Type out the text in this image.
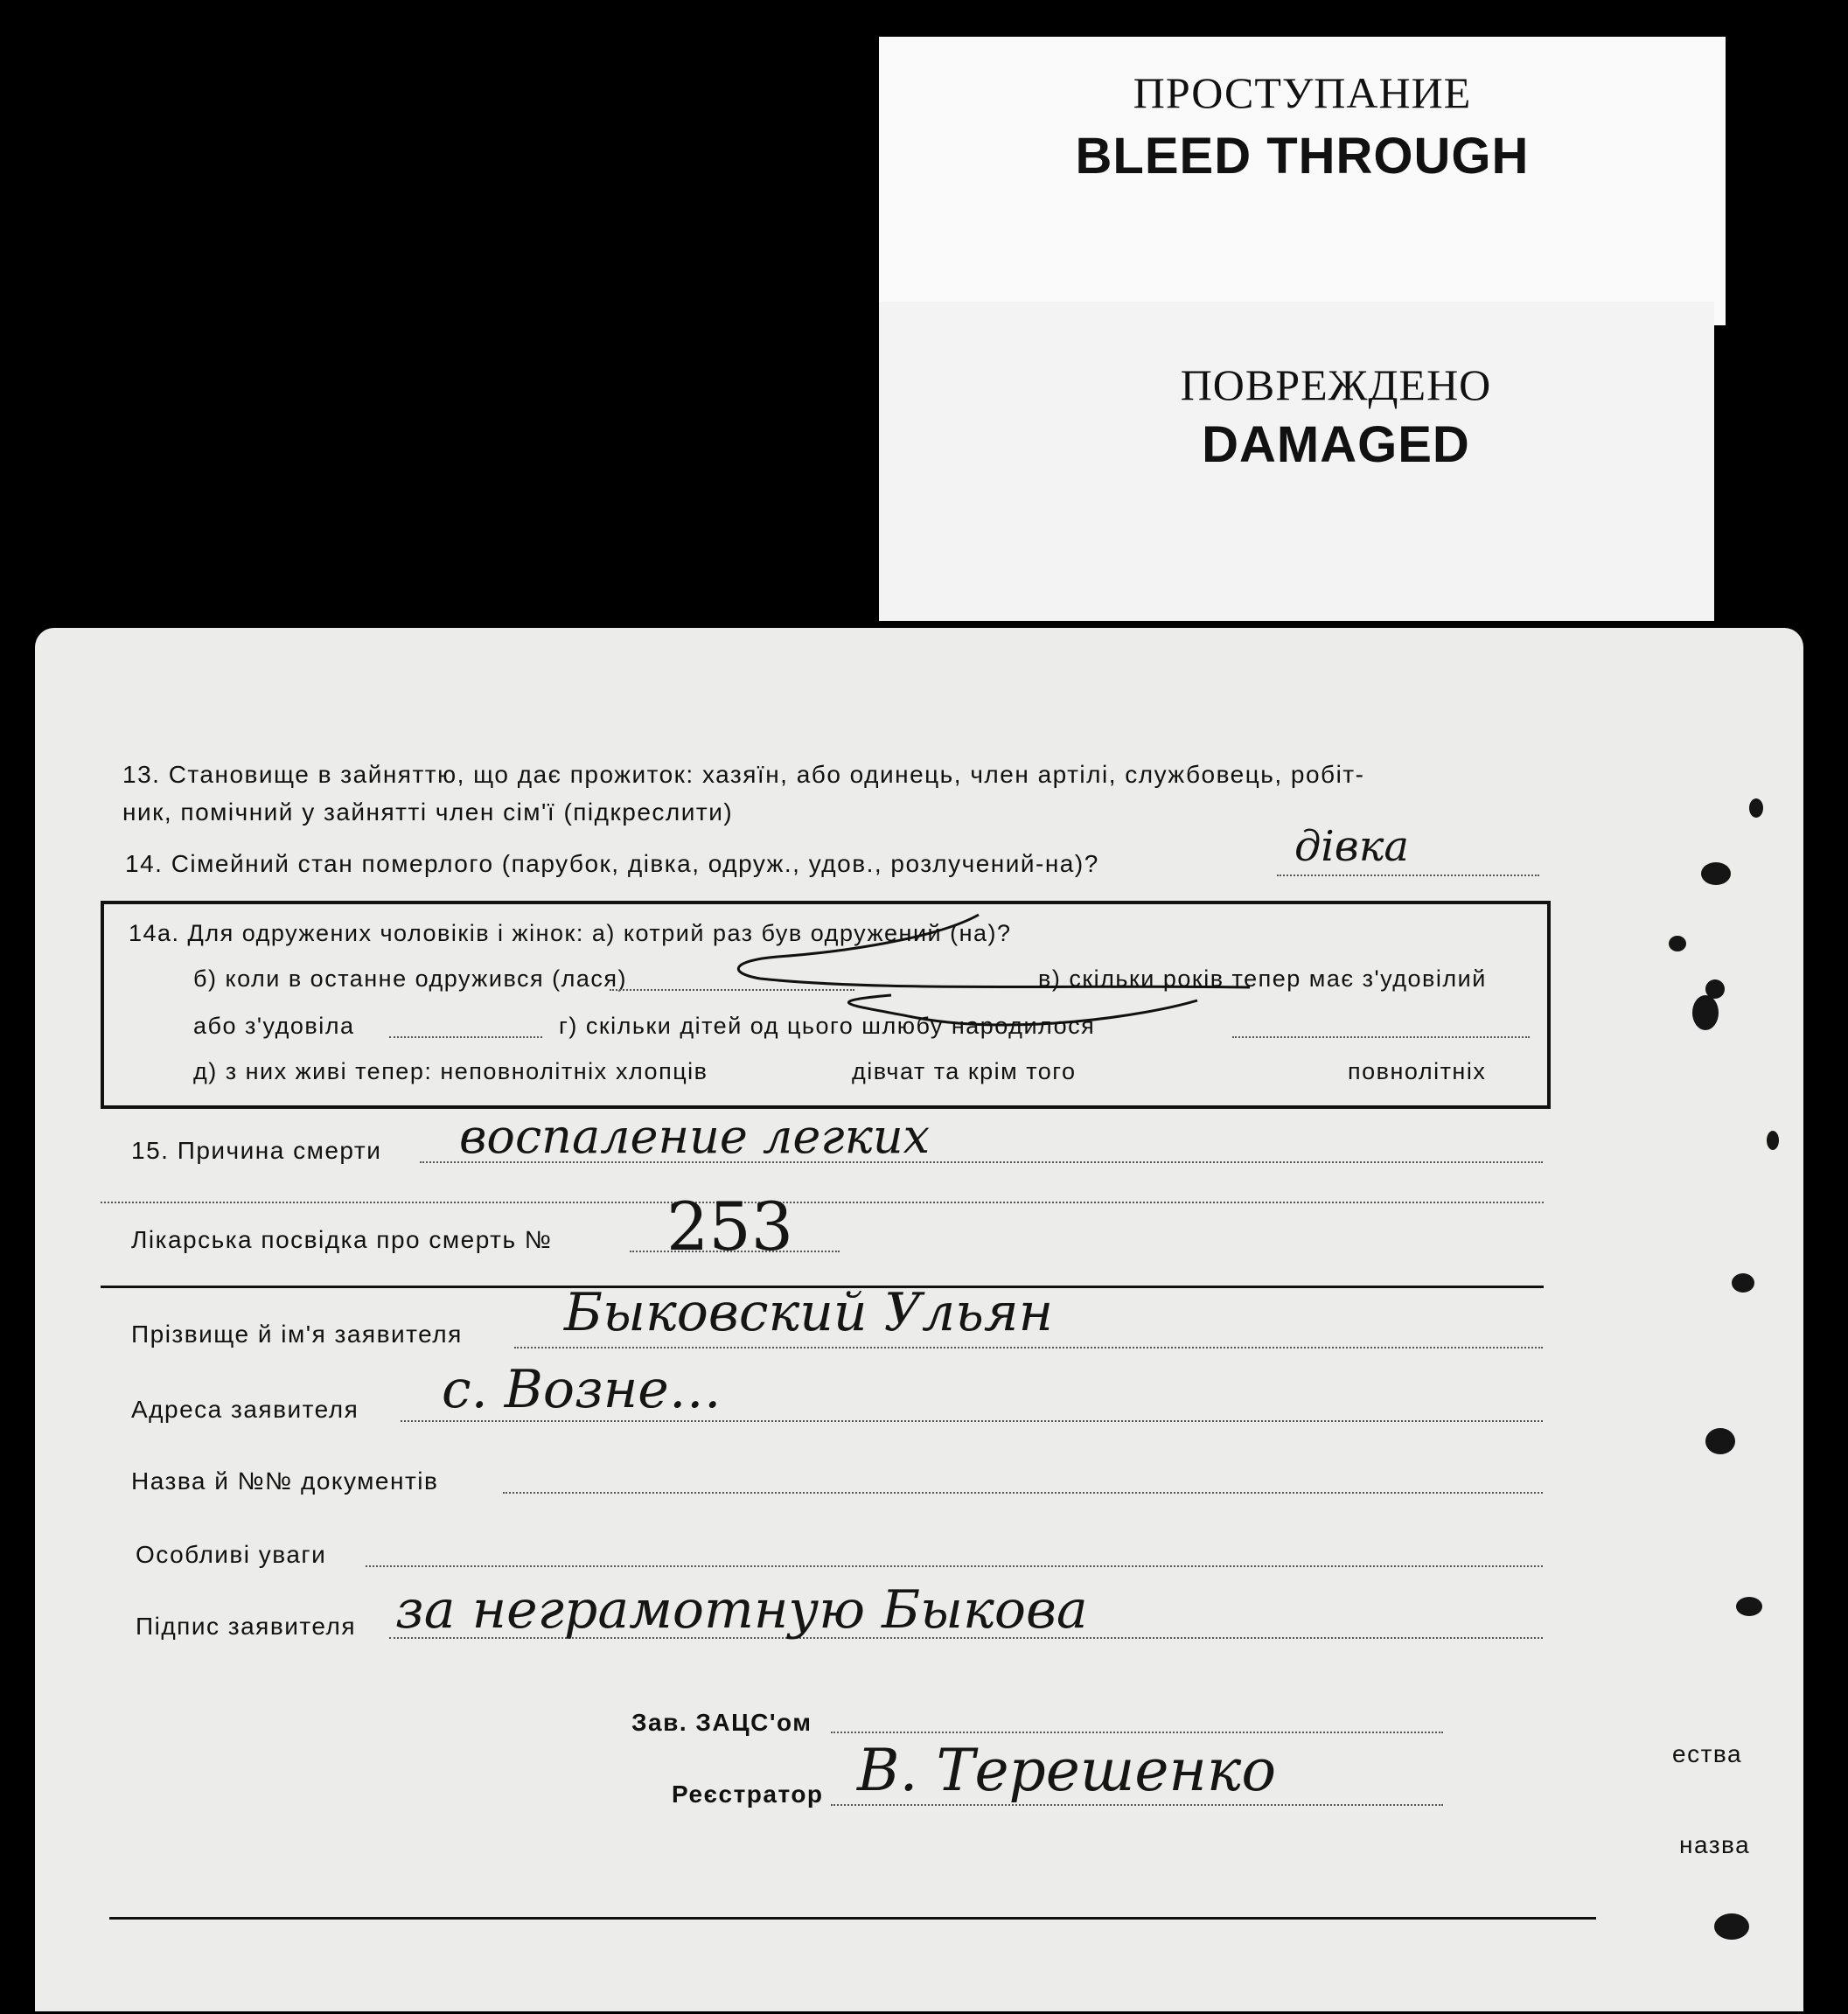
ПРОСТУПАНИЕ
BLEED THROUGH
ПОВРЕЖДЕНО
DAMAGED
13. Становище в зайняттю, що дає прожиток: хазяїн, або одинець, член артілі, службовець, робіт-
ник, помічний у зайнятті член сім'ї (підкреслити)
14. Сімейний стан померлого (парубок, дівка, одруж., удов., розлучений-на)?	дівка
14а. Для одружених чоловіків і жінок: а) котрий раз був одружений (на)?
б) коли в останне одружився (лася)	в) скільки років тепер має з'удовілий
або з'удовіла	г) скільки дітей од цього шлюбу народилося
д) з них живі тепер: неповнолітніх хлопців	дівчат та крім того	повнолітніх
15. Причина смерти воспаление легких
Лікарська посвідка про смерть № 253
Прізвище й ім'я заявителя Быковский Ульян
Адреса заявителя с. Возне…
Назва й №№ документів
Особливі уваги
Підпис заявителя за неграмотную Быкова
Зав. ЗАЦС'ом
Реєстратор В. Терешенко	ества
назва
